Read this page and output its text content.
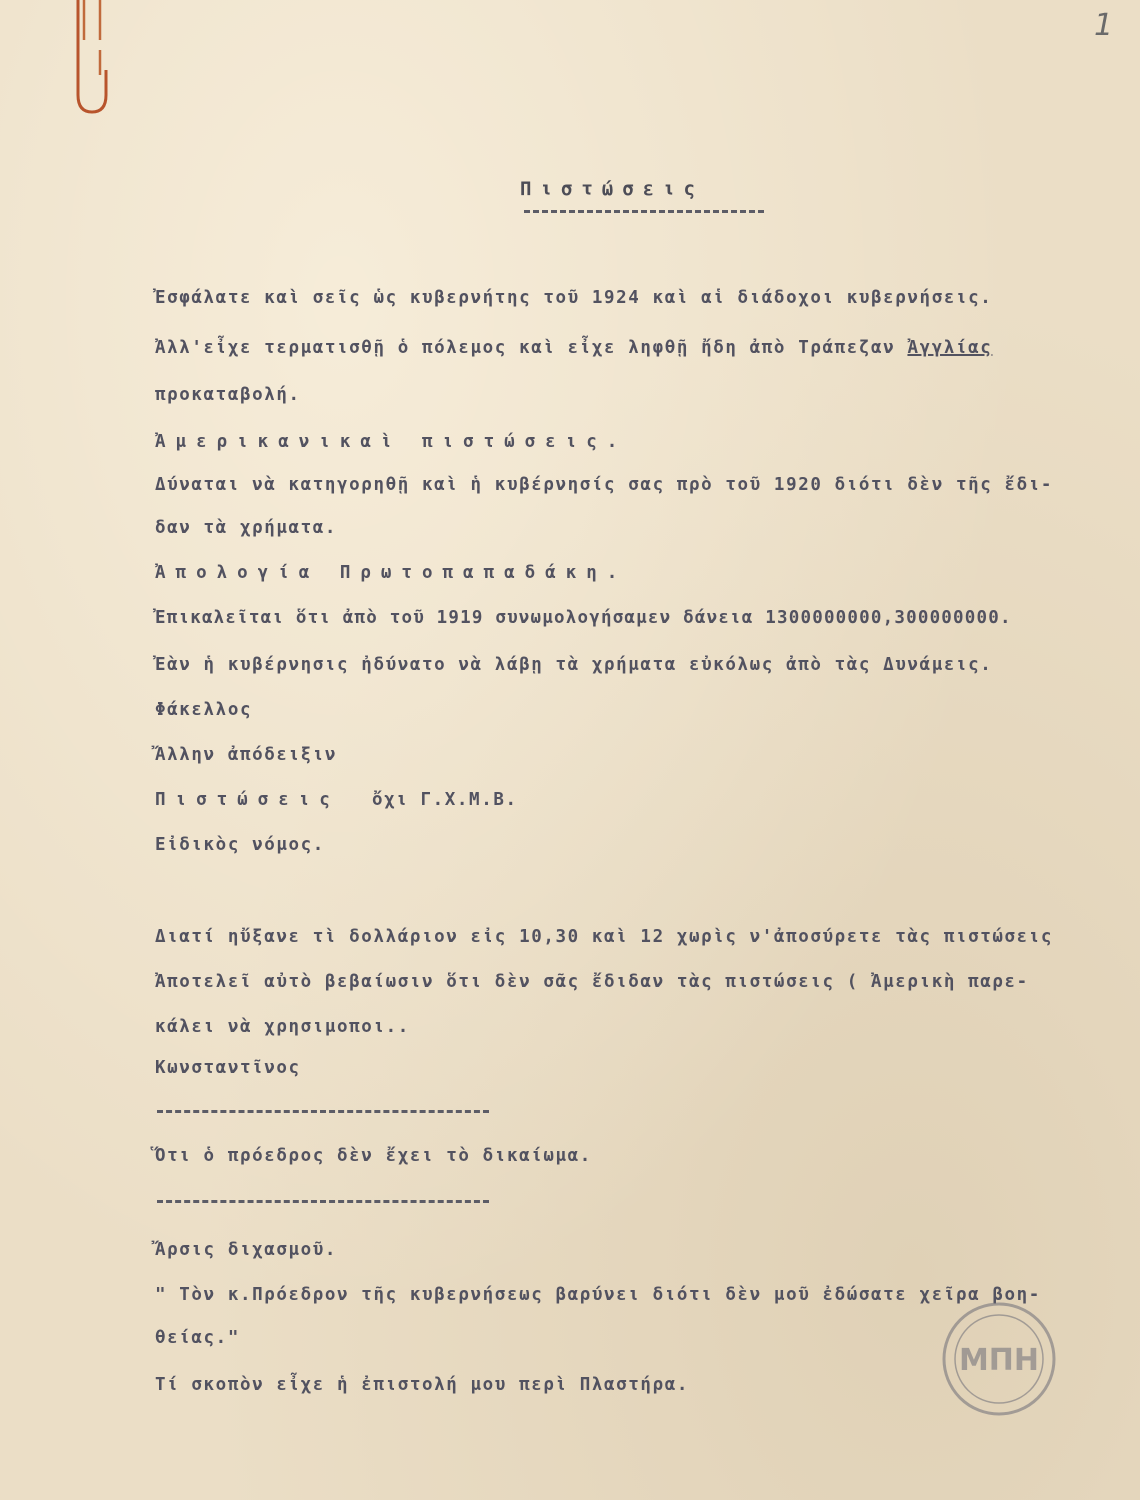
1
Πιστώσεις
Ἐσφάλατε καὶ σεῖς ὡς κυβερνήτης τοῦ 1924 καὶ αἱ διάδοχοι κυβερνήσεις.
Ἀλλ'εἶχε τερματισθῇ ὁ πόλεμος καὶ εἶχε ληφθῇ ἤδη ἀπὸ Τράπεζαν Ἀγγλίας
προκαταβολή.
Ἀμερικανικαὶ πιστώσεις.
Δύναται νὰ κατηγορηθῇ καὶ ἡ κυβέρνησίς σας πρὸ τοῦ 1920 διότι δὲν τῆς ἔδι-
δαν τὰ χρήματα.
Ἀπολογία Πρωτοπαπαδάκη.
Ἐπικαλεῖται ὅτι ἀπὸ τοῦ 1919 συνωμολογήσαμεν δάνεια 1300000000,300000000.
Ἐὰν ἡ κυβέρνησις ἠδύνατο νὰ λάβῃ τὰ χρήματα εὐκόλως ἀπὸ τὰς Δυνάμεις.
Φάκελλος
Ἄλλην ἀπόδειξιν
Πιστώσεις ὄχι Γ.Χ.Μ.Β.
Εἰδικὸς νόμος.
Διατί ηὔξανε τὶ δολλάριον εἰς 10,30 καὶ 12 χωρὶς ν'ἀποσύρετε τὰς πιστώσεις
Ἀποτελεῖ αὐτὸ βεβαίωσιν ὅτι δὲν σᾶς ἔδιδαν τὰς πιστώσεις ( Ἀμερικὴ παρε-
κάλει νὰ χρησιμοποι..
Κωνσταντῖνος
Ὅτι ὁ πρόεδρος δὲν ἔχει τὸ δικαίωμα.
Ἄρσις διχασμοῦ.
" Τὸν κ.Πρόεδρον τῆς κυβερνήσεως βαρύνει διότι δὲν μοῦ ἐδώσατε χεῖρα βοη-
θείας."
Τί σκοπὸν εἶχε ἡ ἐπιστολή μου περὶ Πλαστήρα.
ΜΠΗ
